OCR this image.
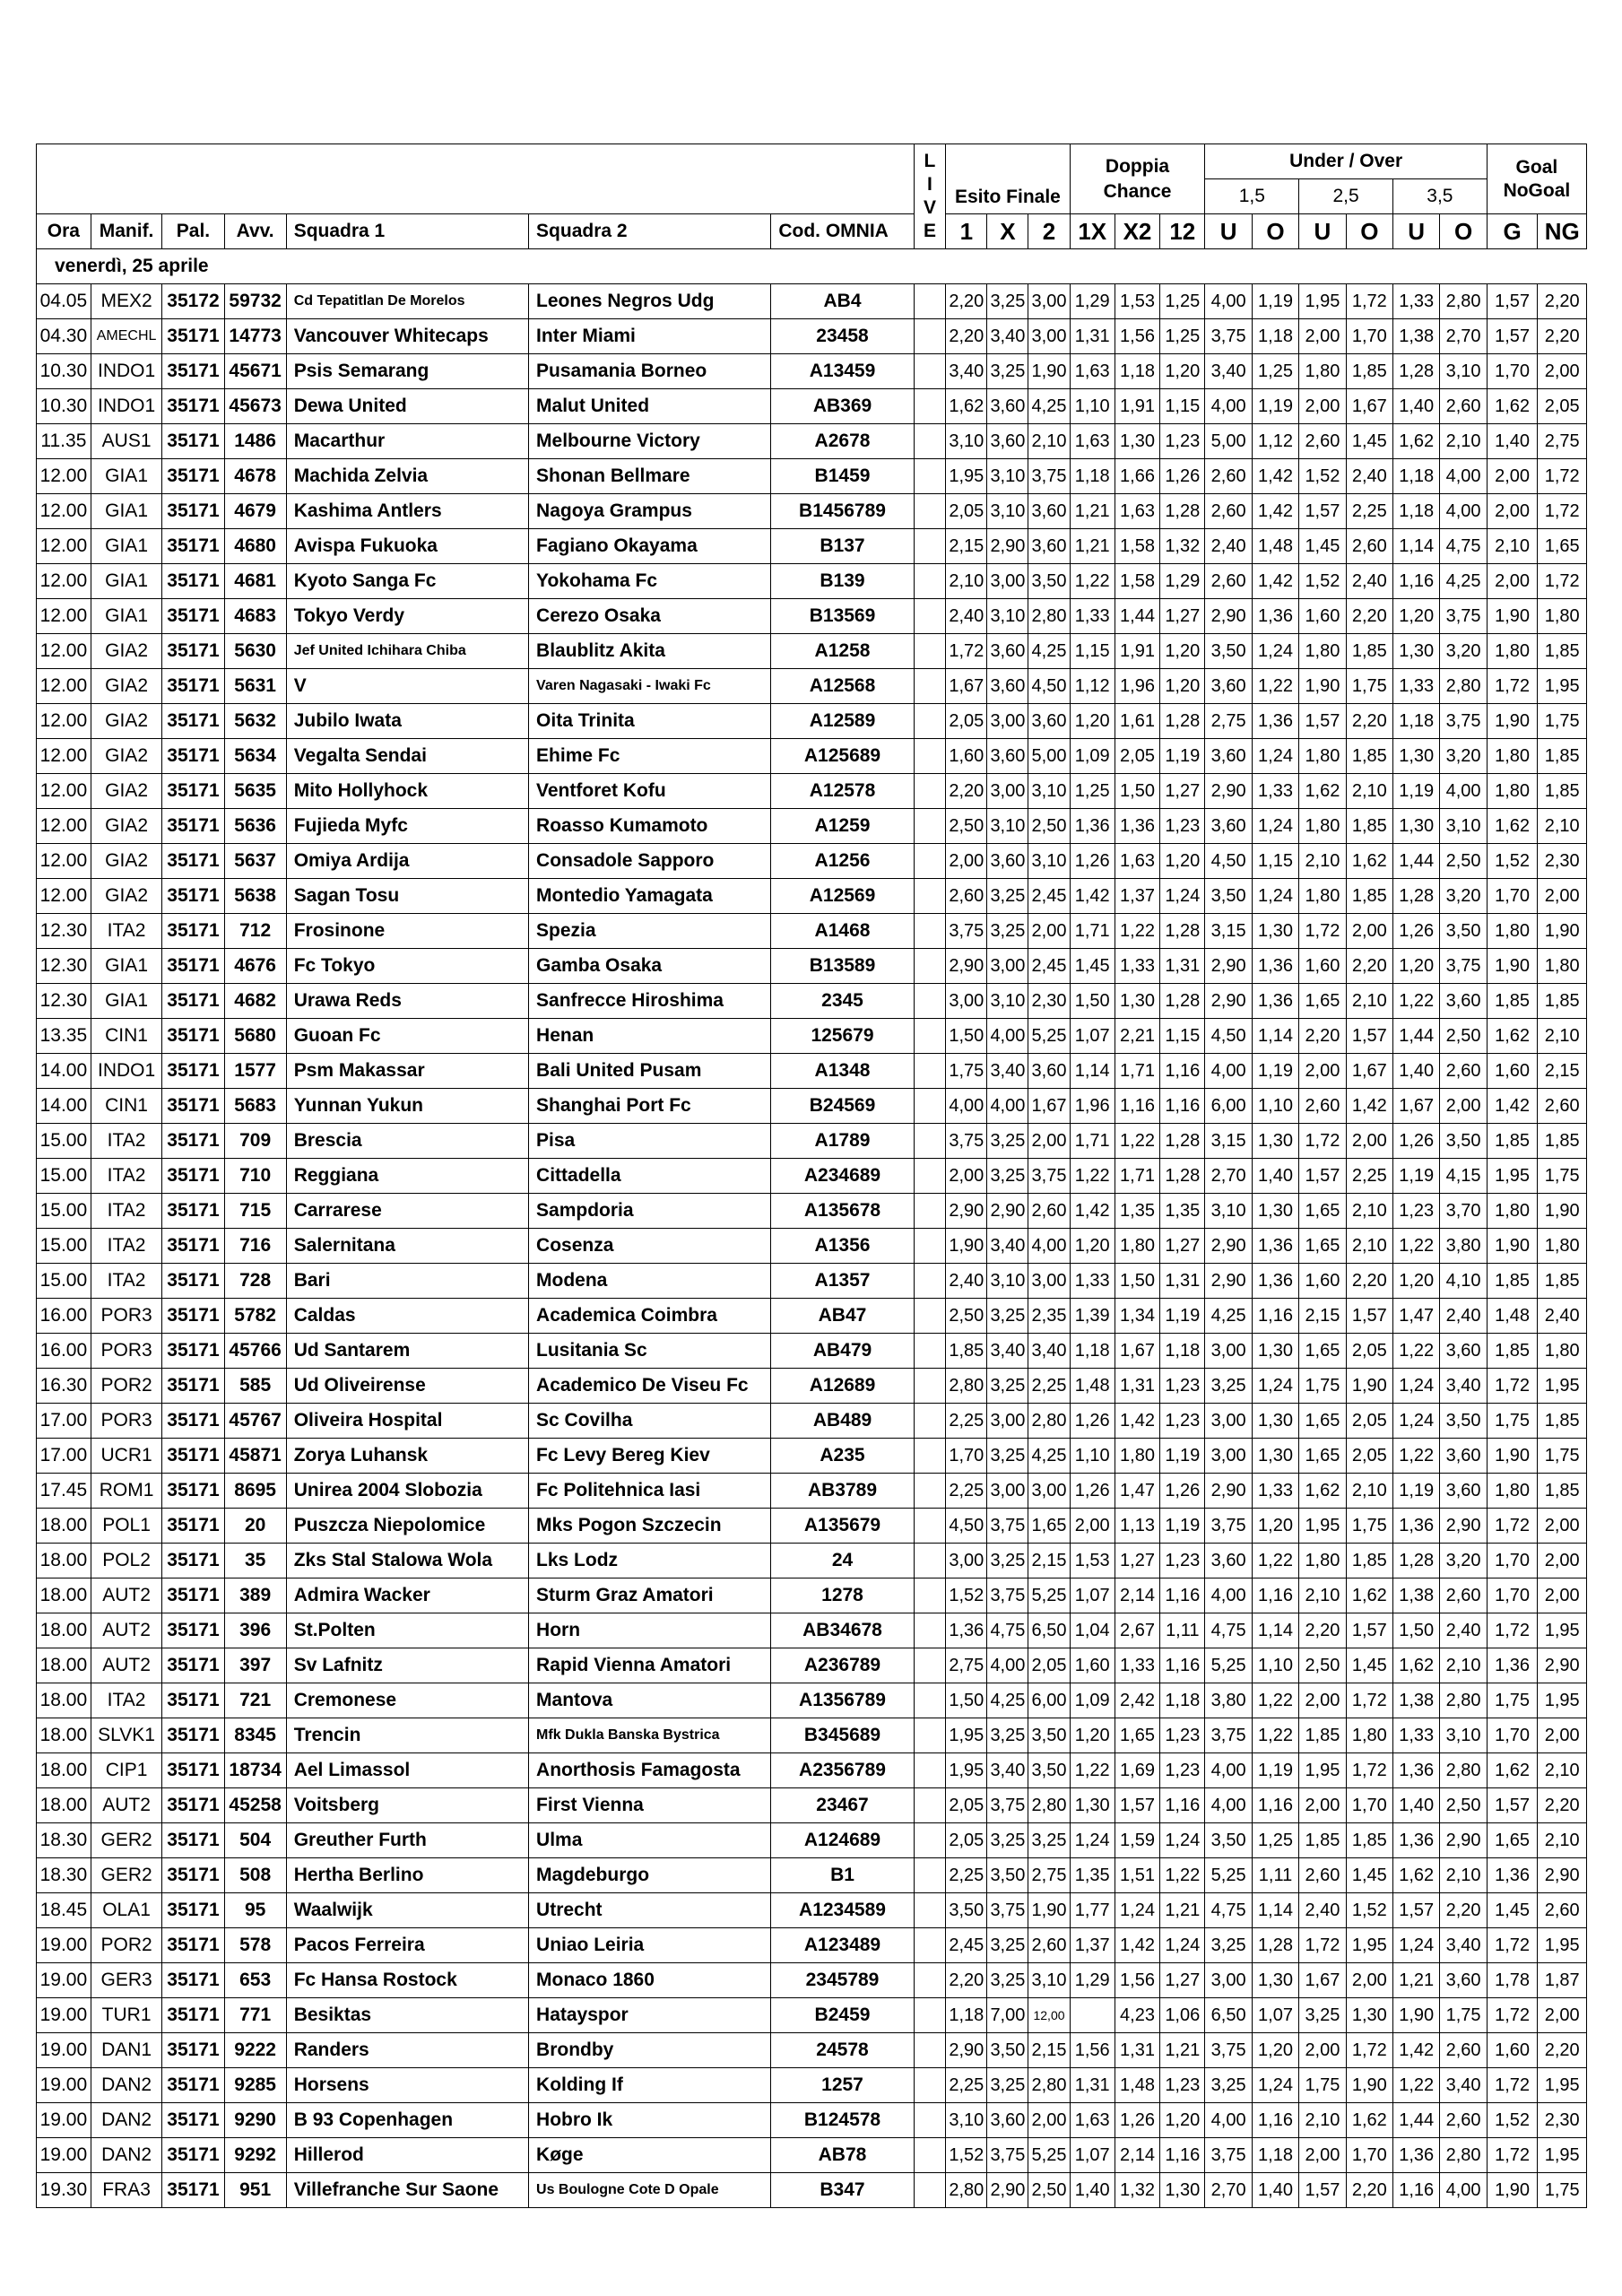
							L
I
V
E	Esito Finale			Doppia Chance			Under / Over						Goal NoGoal	
														1,5		2,5		3,5			
Ora	Manif.	Pal.	Avv.	Squadra 1	Squadra 2	Cod. OMNIA		1	X	2	1X	X2	12	U	O	U	O	U	O	G	NG
venerdì, 25 aprile																					
04.05	MEX2	35172	59732	Cd Tepatitlan De Morelos	Leones Negros Udg	AB4		2,20	3,25	3,00	1,29	1,53	1,25	4,00	1,19	1,95	1,72	1,33	2,80	1,57	2,20
04.30	AMECHL	35171	14773	Vancouver Whitecaps	Inter Miami	23458		2,20	3,40	3,00	1,31	1,56	1,25	3,75	1,18	2,00	1,70	1,38	2,70	1,57	2,20
10.30	INDO1	35171	45671	Psis Semarang	Pusamania Borneo	A13459		3,40	3,25	1,90	1,63	1,18	1,20	3,40	1,25	1,80	1,85	1,28	3,10	1,70	2,00
10.30	INDO1	35171	45673	Dewa United	Malut United	AB369		1,62	3,60	4,25	1,10	1,91	1,15	4,00	1,19	2,00	1,67	1,40	2,60	1,62	2,05
11.35	AUS1	35171	1486	Macarthur	Melbourne Victory	A2678		3,10	3,60	2,10	1,63	1,30	1,23	5,00	1,12	2,60	1,45	1,62	2,10	1,40	2,75
12.00	GIA1	35171	4678	Machida Zelvia	Shonan Bellmare	B1459		1,95	3,10	3,75	1,18	1,66	1,26	2,60	1,42	1,52	2,40	1,18	4,00	2,00	1,72
12.00	GIA1	35171	4679	Kashima Antlers	Nagoya Grampus	B1456789		2,05	3,10	3,60	1,21	1,63	1,28	2,60	1,42	1,57	2,25	1,18	4,00	2,00	1,72
12.00	GIA1	35171	4680	Avispa Fukuoka	Fagiano Okayama	B137		2,15	2,90	3,60	1,21	1,58	1,32	2,40	1,48	1,45	2,60	1,14	4,75	2,10	1,65
12.00	GIA1	35171	4681	Kyoto Sanga Fc	Yokohama Fc	B139		2,10	3,00	3,50	1,22	1,58	1,29	2,60	1,42	1,52	2,40	1,16	4,25	2,00	1,72
12.00	GIA1	35171	4683	Tokyo Verdy	Cerezo Osaka	B13569		2,40	3,10	2,80	1,33	1,44	1,27	2,90	1,36	1,60	2,20	1,20	3,75	1,90	1,80
12.00	GIA2	35171	5630	Jef United Ichihara Chiba	Blaublitz Akita	A1258		1,72	3,60	4,25	1,15	1,91	1,20	3,50	1,24	1,80	1,85	1,30	3,20	1,80	1,85
12.00	GIA2	35171	5631	V	Varen Nagasaki - Iwaki Fc	A12568		1,67	3,60	4,50	1,12	1,96	1,20	3,60	1,22	1,90	1,75	1,33	2,80	1,72	1,95
12.00	GIA2	35171	5632	Jubilo Iwata	Oita Trinita	A12589		2,05	3,00	3,60	1,20	1,61	1,28	2,75	1,36	1,57	2,20	1,18	3,75	1,90	1,75
12.00	GIA2	35171	5634	Vegalta Sendai	Ehime Fc	A125689		1,60	3,60	5,00	1,09	2,05	1,19	3,60	1,24	1,80	1,85	1,30	3,20	1,80	1,85
12.00	GIA2	35171	5635	Mito Hollyhock	Ventforet Kofu	A12578		2,20	3,00	3,10	1,25	1,50	1,27	2,90	1,33	1,62	2,10	1,19	4,00	1,80	1,85
12.00	GIA2	35171	5636	Fujieda Myfc	Roasso Kumamoto	A1259		2,50	3,10	2,50	1,36	1,36	1,23	3,60	1,24	1,80	1,85	1,30	3,10	1,62	2,10
12.00	GIA2	35171	5637	Omiya Ardija	Consadole Sapporo	A1256		2,00	3,60	3,10	1,26	1,63	1,20	4,50	1,15	2,10	1,62	1,44	2,50	1,52	2,30
12.00	GIA2	35171	5638	Sagan Tosu	Montedio Yamagata	A12569		2,60	3,25	2,45	1,42	1,37	1,24	3,50	1,24	1,80	1,85	1,28	3,20	1,70	2,00
12.30	ITA2	35171	712	Frosinone	Spezia	A1468		3,75	3,25	2,00	1,71	1,22	1,28	3,15	1,30	1,72	2,00	1,26	3,50	1,80	1,90
12.30	GIA1	35171	4676	Fc Tokyo	Gamba Osaka	B13589		2,90	3,00	2,45	1,45	1,33	1,31	2,90	1,36	1,60	2,20	1,20	3,75	1,90	1,80
12.30	GIA1	35171	4682	Urawa Reds	Sanfrecce Hiroshima	2345		3,00	3,10	2,30	1,50	1,30	1,28	2,90	1,36	1,65	2,10	1,22	3,60	1,85	1,85
13.35	CIN1	35171	5680	Guoan Fc	Henan	125679		1,50	4,00	5,25	1,07	2,21	1,15	4,50	1,14	2,20	1,57	1,44	2,50	1,62	2,10
14.00	INDO1	35171	1577	Psm Makassar	Bali United Pusam	A1348		1,75	3,40	3,60	1,14	1,71	1,16	4,00	1,19	2,00	1,67	1,40	2,60	1,60	2,15
14.00	CIN1	35171	5683	Yunnan Yukun	Shanghai Port Fc	B24569		4,00	4,00	1,67	1,96	1,16	1,16	6,00	1,10	2,60	1,42	1,67	2,00	1,42	2,60
15.00	ITA2	35171	709	Brescia	Pisa	A1789		3,75	3,25	2,00	1,71	1,22	1,28	3,15	1,30	1,72	2,00	1,26	3,50	1,85	1,85
15.00	ITA2	35171	710	Reggiana	Cittadella	A234689		2,00	3,25	3,75	1,22	1,71	1,28	2,70	1,40	1,57	2,25	1,19	4,15	1,95	1,75
15.00	ITA2	35171	715	Carrarese	Sampdoria	A135678		2,90	2,90	2,60	1,42	1,35	1,35	3,10	1,30	1,65	2,10	1,23	3,70	1,80	1,90
15.00	ITA2	35171	716	Salernitana	Cosenza	A1356		1,90	3,40	4,00	1,20	1,80	1,27	2,90	1,36	1,65	2,10	1,22	3,80	1,90	1,80
15.00	ITA2	35171	728	Bari	Modena	A1357		2,40	3,10	3,00	1,33	1,50	1,31	2,90	1,36	1,60	2,20	1,20	4,10	1,85	1,85
16.00	POR3	35171	5782	Caldas	Academica Coimbra	AB47		2,50	3,25	2,35	1,39	1,34	1,19	4,25	1,16	2,15	1,57	1,47	2,40	1,48	2,40
16.00	POR3	35171	45766	Ud Santarem	Lusitania Sc	AB479		1,85	3,40	3,40	1,18	1,67	1,18	3,00	1,30	1,65	2,05	1,22	3,60	1,85	1,80
16.30	POR2	35171	585	Ud Oliveirense	Academico De Viseu Fc	A12689		2,80	3,25	2,25	1,48	1,31	1,23	3,25	1,24	1,75	1,90	1,24	3,40	1,72	1,95
17.00	POR3	35171	45767	Oliveira Hospital	Sc Covilha	AB489		2,25	3,00	2,80	1,26	1,42	1,23	3,00	1,30	1,65	2,05	1,24	3,50	1,75	1,85
17.00	UCR1	35171	45871	Zorya Luhansk	Fc Levy Bereg Kiev	A235		1,70	3,25	4,25	1,10	1,80	1,19	3,00	1,30	1,65	2,05	1,22	3,60	1,90	1,75
17.45	ROM1	35171	8695	Unirea 2004 Slobozia	Fc Politehnica Iasi	AB3789		2,25	3,00	3,00	1,26	1,47	1,26	2,90	1,33	1,62	2,10	1,19	3,60	1,80	1,85
18.00	POL1	35171	20	Puszcza Niepolomice	Mks Pogon Szczecin	A135679		4,50	3,75	1,65	2,00	1,13	1,19	3,75	1,20	1,95	1,75	1,36	2,90	1,72	2,00
18.00	POL2	35171	35	Zks Stal Stalowa Wola	Lks Lodz	24		3,00	3,25	2,15	1,53	1,27	1,23	3,60	1,22	1,80	1,85	1,28	3,20	1,70	2,00
18.00	AUT2	35171	389	Admira Wacker	Sturm Graz Amatori	1278		1,52	3,75	5,25	1,07	2,14	1,16	4,00	1,16	2,10	1,62	1,38	2,60	1,70	2,00
18.00	AUT2	35171	396	St.Polten	Horn	AB34678		1,36	4,75	6,50	1,04	2,67	1,11	4,75	1,14	2,20	1,57	1,50	2,40	1,72	1,95
18.00	AUT2	35171	397	Sv Lafnitz	Rapid Vienna Amatori	A236789		2,75	4,00	2,05	1,60	1,33	1,16	5,25	1,10	2,50	1,45	1,62	2,10	1,36	2,90
18.00	ITA2	35171	721	Cremonese	Mantova	A1356789		1,50	4,25	6,00	1,09	2,42	1,18	3,80	1,22	2,00	1,72	1,38	2,80	1,75	1,95
18.00	SLVK1	35171	8345	Trencin	Mfk Dukla Banska Bystrica	B345689		1,95	3,25	3,50	1,20	1,65	1,23	3,75	1,22	1,85	1,80	1,33	3,10	1,70	2,00
18.00	CIP1	35171	18734	Ael Limassol	Anorthosis Famagosta	A2356789		1,95	3,40	3,50	1,22	1,69	1,23	4,00	1,19	1,95	1,72	1,36	2,80	1,62	2,10
18.00	AUT2	35171	45258	Voitsberg	First Vienna	23467		2,05	3,75	2,80	1,30	1,57	1,16	4,00	1,16	2,00	1,70	1,40	2,50	1,57	2,20
18.30	GER2	35171	504	Greuther Furth	Ulma	A124689		2,05	3,25	3,25	1,24	1,59	1,24	3,50	1,25	1,85	1,85	1,36	2,90	1,65	2,10
18.30	GER2	35171	508	Hertha Berlino	Magdeburgo	B1		2,25	3,50	2,75	1,35	1,51	1,22	5,25	1,11	2,60	1,45	1,62	2,10	1,36	2,90
18.45	OLA1	35171	95	Waalwijk	Utrecht	A1234589		3,50	3,75	1,90	1,77	1,24	1,21	4,75	1,14	2,40	1,52	1,57	2,20	1,45	2,60
19.00	POR2	35171	578	Pacos Ferreira	Uniao Leiria	A123489		2,45	3,25	2,60	1,37	1,42	1,24	3,25	1,28	1,72	1,95	1,24	3,40	1,72	1,95
19.00	GER3	35171	653	Fc Hansa Rostock	Monaco 1860	2345789		2,20	3,25	3,10	1,29	1,56	1,27	3,00	1,30	1,67	2,00	1,21	3,60	1,78	1,87
19.00	TUR1	35171	771	Besiktas	Hatayspor	B2459		1,18	7,00	12,00		4,23	1,06	6,50	1,07	3,25	1,30	1,90	1,75	1,72	2,00
19.00	DAN1	35171	9222	Randers	Brondby	24578		2,90	3,50	2,15	1,56	1,31	1,21	3,75	1,20	2,00	1,72	1,42	2,60	1,60	2,20
19.00	DAN2	35171	9285	Horsens	Kolding If	1257		2,25	3,25	2,80	1,31	1,48	1,23	3,25	1,24	1,75	1,90	1,22	3,40	1,72	1,95
19.00	DAN2	35171	9290	B 93 Copenhagen	Hobro Ik	B124578		3,10	3,60	2,00	1,63	1,26	1,20	4,00	1,16	2,10	1,62	1,44	2,60	1,52	2,30
19.00	DAN2	35171	9292	Hillerod	Køge	AB78		1,52	3,75	5,25	1,07	2,14	1,16	3,75	1,18	2,00	1,70	1,36	2,80	1,72	1,95
19.30	FRA3	35171	951	Villefranche Sur Saone	Us Boulogne Cote D Opale	B347		2,80	2,90	2,50	1,40	1,32	1,30	2,70	1,40	1,57	2,20	1,16	4,00	1,90	1,75
